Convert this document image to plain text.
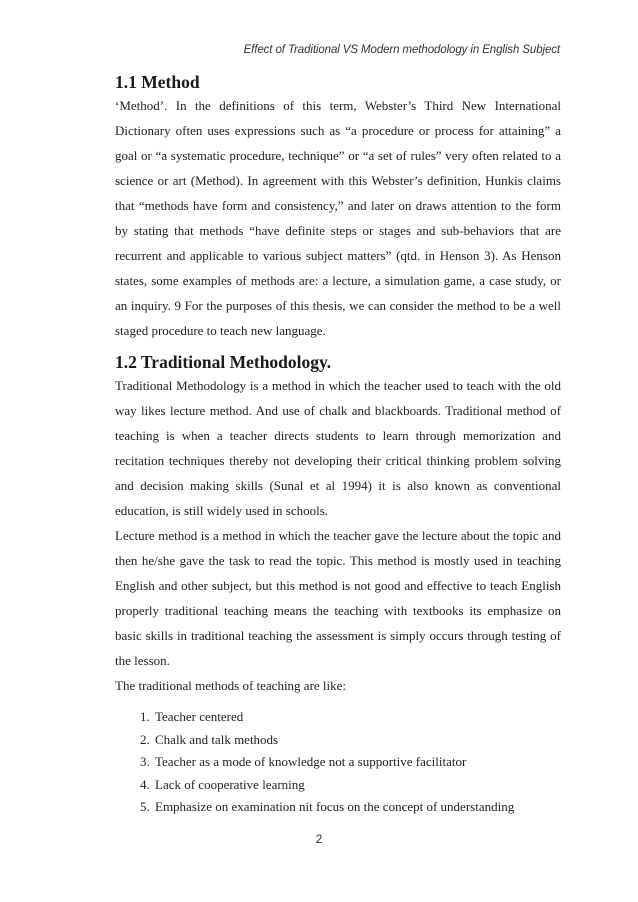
Effect of Traditional VS Modern methodology in English Subject
1.1 Method

‘Method’. In the definitions of this term, Webster’s Third New International Dictionary often uses expressions such as “a procedure or process for attaining” a goal or “a systematic procedure, technique” or “a set of rules” very often related to a science or art (Method). In agreement with this Webster’s definition, Hunkis claims that “methods have form and consistency,” and later on draws attention to the form by stating that methods “have definite steps or stages and sub-behaviors that are recurrent and applicable to various subject matters” (qtd. in Henson 3). As Henson states, some examples of methods are: a lecture, a simulation game, a case study, or an inquiry. 9 For the purposes of this thesis, we can consider the method to be a well staged procedure to teach new language.

1.2 Traditional Methodology.

Traditional Methodology is a method in which the teacher used to teach with the old way likes lecture method. And use of chalk and blackboards. Traditional method of teaching is when a teacher directs students to learn through memorization and recitation techniques thereby not developing their critical thinking problem solving and decision making skills (Sunal et al 1994) it is also known as conventional education, is still widely used in schools.

Lecture method is a method in which the teacher gave the lecture about the topic and then he/she gave the task to read the topic. This method is mostly used in teaching English and other subject, but this method is not good and effective to teach English properly traditional teaching means the teaching with textbooks its emphasize on basic skills in traditional teaching the assessment is simply occurs through testing of the lesson.

The traditional methods of teaching are like:

1. Teacher centered
2. Chalk and talk methods
3. Teacher as a mode of knowledge not a supportive facilitator
4. Lack of cooperative learning
5. Emphasize on examination nit focus on the concept of understanding
2
